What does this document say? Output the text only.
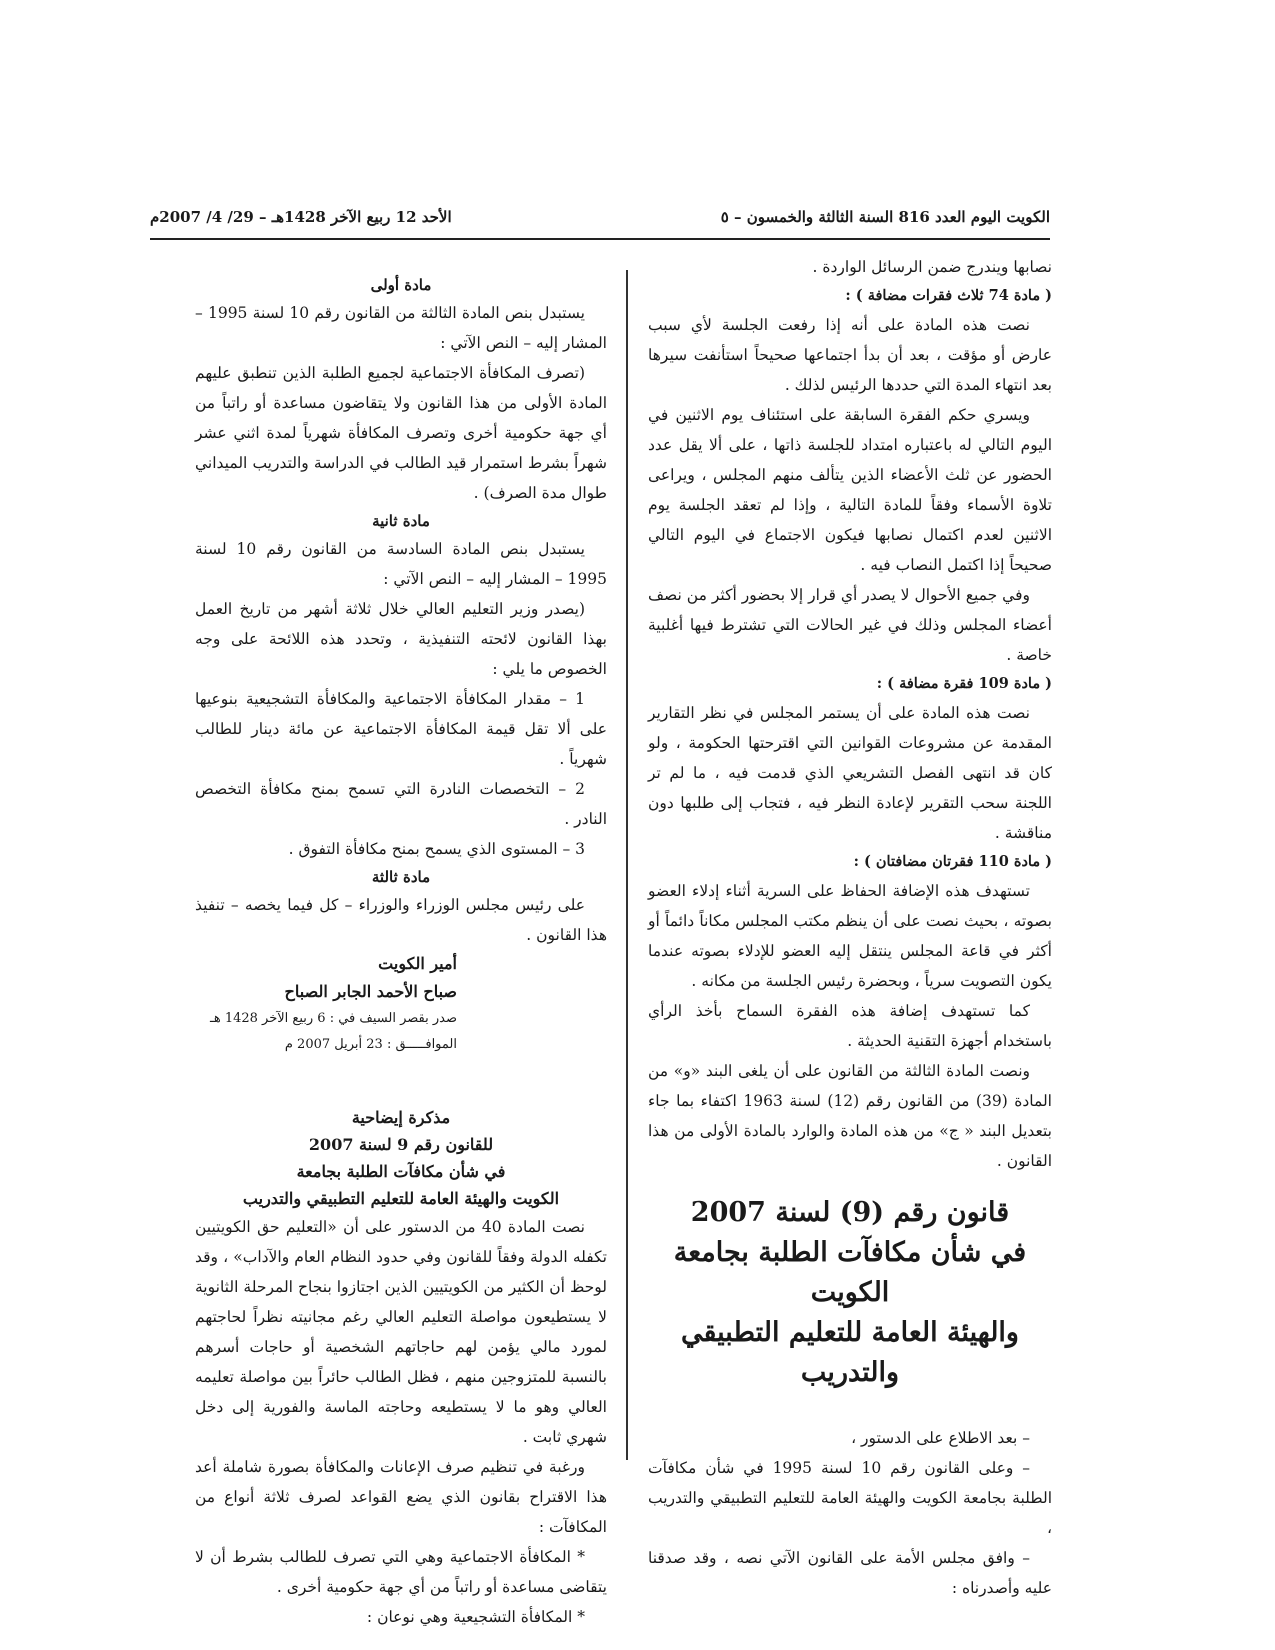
الكويت اليوم العدد 816 السنة الثالثة والخمسون – ٥
الأحد 12 ربيع الآخر 1428هـ – 29/ 4/ 2007م

نصابها ويندرج ضمن الرسائل الواردة .

( مادة 74 ثلاث فقرات مضافة ) :

نصت هذه المادة على أنه إذا رفعت الجلسة لأي سبب عارض أو مؤقت ، بعد أن بدأ اجتماعها صحيحاً استأنفت سيرها بعد انتهاء المدة التي حددها الرئيس لذلك .

ويسري حكم الفقرة السابقة على استئناف يوم الاثنين في اليوم التالي له باعتباره امتداد للجلسة ذاتها ، على ألا يقل عدد الحضور عن ثلث الأعضاء الذين يتألف منهم المجلس ، ويراعى تلاوة الأسماء وفقاً للمادة التالية ، وإذا لم تعقد الجلسة يوم الاثنين لعدم اكتمال نصابها فيكون الاجتماع في اليوم التالي صحيحاً إذا اكتمل النصاب فيه .

وفي جميع الأحوال لا يصدر أي قرار إلا بحضور أكثر من نصف أعضاء المجلس وذلك في غير الحالات التي تشترط فيها أغلبية خاصة .

( مادة 109 فقرة مضافة ) :

نصت هذه المادة على أن يستمر المجلس في نظر التقارير المقدمة عن مشروعات القوانين التي اقترحتها الحكومة ، ولو كان قد انتهى الفصل التشريعي الذي قدمت فيه ، ما لم تر اللجنة سحب التقرير لإعادة النظر فيه ، فتجاب إلى طلبها دون مناقشة .

( مادة 110 فقرتان مضافتان ) :

تستهدف هذه الإضافة الحفاظ على السرية أثناء إدلاء العضو بصوته ، بحيث نصت على أن ينظم مكتب المجلس مكاناً دائماً أو أكثر في قاعة المجلس ينتقل إليه العضو للإدلاء بصوته عندما يكون التصويت سرياً ، وبحضرة رئيس الجلسة من مكانه .

كما تستهدف إضافة هذه الفقرة السماح بأخذ الرأي باستخدام أجهزة التقنية الحديثة .

ونصت المادة الثالثة من القانون على أن يلغى البند «و» من المادة (39) من القانون رقم (12) لسنة 1963 اكتفاء بما جاء بتعديل البند « ج» من هذه المادة والوارد بالمادة الأولى من هذا القانون .

قانون رقم (9) لسنة 2007

في شأن مكافآت الطلبة بجامعة الكويت

والهيئة العامة للتعليم التطبيقي والتدريب

– بعد الاطلاع على الدستور ،

– وعلى القانون رقم 10 لسنة 1995 في شأن مكافآت الطلبة بجامعة الكويت والهيئة العامة للتعليم التطبيقي والتدريب ،

– وافق مجلس الأمة على القانون الآتي نصه ، وقد صدقنا عليه وأصدرناه :

مادة أولى

يستبدل بنص المادة الثالثة من القانون رقم 10 لسنة 1995 – المشار إليه – النص الآتي :

(تصرف المكافأة الاجتماعية لجميع الطلبة الذين تنطبق عليهم المادة الأولى من هذا القانون ولا يتقاضون مساعدة أو راتباً من أي جهة حكومية أخرى وتصرف المكافأة شهرياً لمدة اثني عشر شهراً بشرط استمرار قيد الطالب في الدراسة والتدريب الميداني طوال مدة الصرف) .

مادة ثانية

يستبدل بنص المادة السادسة من القانون رقم 10 لسنة 1995 – المشار إليه – النص الآتي :

(يصدر وزير التعليم العالي خلال ثلاثة أشهر من تاريخ العمل بهذا القانون لائحته التنفيذية ، وتحدد هذه اللائحة على وجه الخصوص ما يلي :

1 – مقدار المكافأة الاجتماعية والمكافأة التشجيعية بنوعيها على ألا تقل قيمة المكافأة الاجتماعية عن مائة دينار للطالب شهرياً .

2 – التخصصات النادرة التي تسمح بمنح مكافأة التخصص النادر .

3 – المستوى الذي يسمح بمنح مكافأة التفوق .

مادة ثالثة

على رئيس مجلس الوزراء والوزراء – كل فيما يخصه – تنفيذ هذا القانون .

أمير الكويت

صباح الأحمد الجابر الصباح

صدر بقصر السيف في : 6 ربيع الآخر 1428 هـ

الموافـــــق : 23 أبريل 2007 م

مذكرة إيضاحية

للقانون رقم 9 لسنة 2007

في شأن مكافآت الطلبة بجامعة

الكويت والهيئة العامة للتعليم التطبيقي والتدريب

نصت المادة 40 من الدستور على أن «التعليم حق الكويتيين تكفله الدولة وفقاً للقانون وفي حدود النظام العام والآداب» ، وقد لوحظ أن الكثير من الكويتيين الذين اجتازوا بنجاح المرحلة الثانوية لا يستطيعون مواصلة التعليم العالي رغم مجانيته نظراً لحاجتهم لمورد مالي يؤمن لهم حاجاتهم الشخصية أو حاجات أسرهم بالنسبة للمتزوجين منهم ، فظل الطالب حائراً بين مواصلة تعليمه العالي وهو ما لا يستطيعه وحاجته الماسة والفورية إلى دخل شهري ثابت .

ورغبة في تنظيم صرف الإعانات والمكافأة بصورة شاملة أعد هذا الاقتراح بقانون الذي يضع القواعد لصرف ثلاثة أنواع من المكافآت :

* المكافأة الاجتماعية وهي التي تصرف للطالب بشرط أن لا يتقاضى مساعدة أو راتباً من أي جهة حكومية أخرى .

* المكافأة التشجيعية وهي نوعان :
